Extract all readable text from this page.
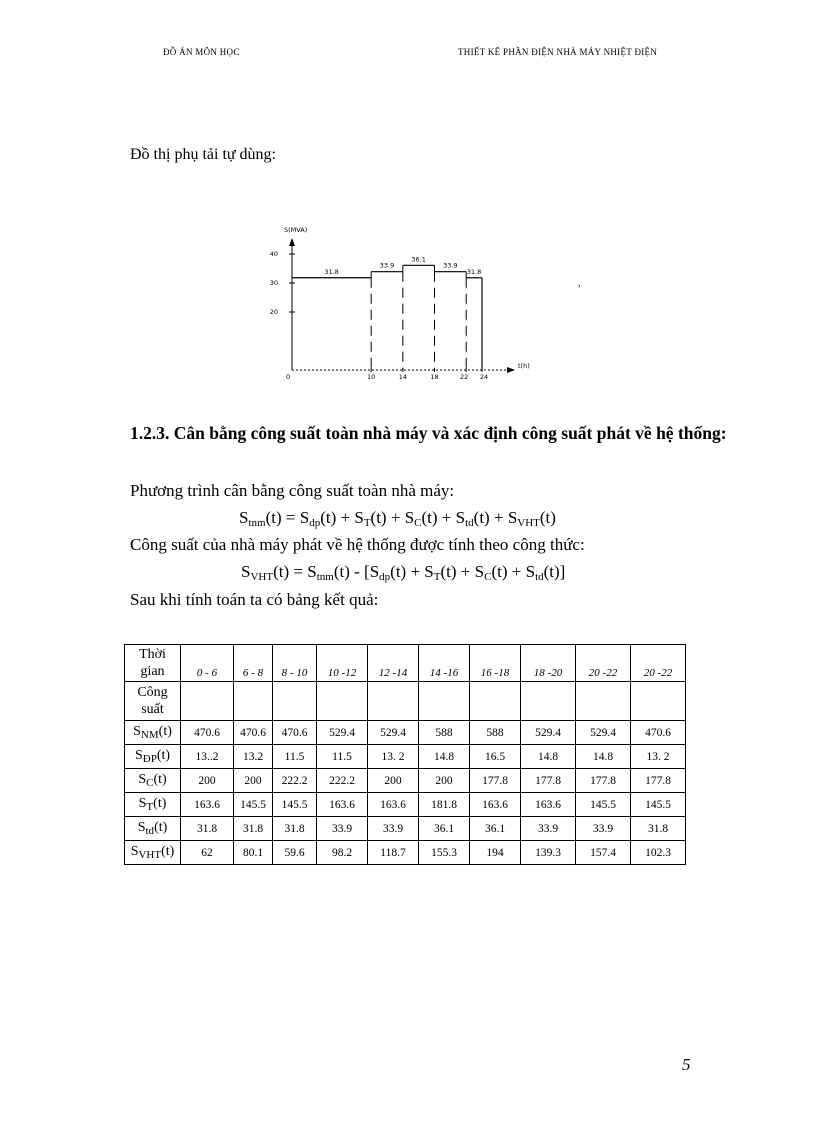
ĐỒ ÁN MÔN HỌC	THIẾT KẾ PHẦN ĐIỆN NHÀ MÁY NHIỆT ĐIỆN
Đồ thị phụ tải tự dùng:
S(MVA)
t(h)
0
20
30
40
10	14	18	22 24
31.8
33.9
36.1
33.9
31.8
,
1.2.3. Cân bằng công suất toàn nhà máy và xác định công suất phát về hệ thống:
Phương trình cân bằng công suất toàn nhà máy:
$S_{tnm}(t) = S_{dp}(t) + S_T(t) + S_C(t) + S_{td}(t) + S_{VHT}(t)$
Công suất của nhà máy phát về hệ thống được tính theo công thức:
$S_{VHT}(t) = S_{tnm}(t) - [S_{dp}(t) + S_T(t) + S_C(t) + S_{td}(t)]$
Sau khi tính toán ta có bảng kết quả:
Thời
gian	0 - 6	6 - 8	8 - 10	10 -12	12 -14	14 -16	16 -18	18 -20	20 -22	20 -22
Công
suất										
$S_{NM}(t)$	470.6	470.6	470.6	529.4	529.4	588	588	529.4	529.4	470.6
$S_{ĐP}(t)$	13..2	13.2	11.5	11.5	13. 2	14.8	16.5	14.8	14.8	13. 2
$S_C(t)$	200	200	222.2	222.2	200	200	177.8	177.8	177.8	177.8
$S_T(t)$	163.6	145.5	145.5	163.6	163.6	181.8	163.6	163.6	145.5	145.5
$S_{td}(t)$	31.8	31.8	31.8	33.9	33.9	36.1	36.1	33.9	33.9	31.8
$S_{VHT}(t)$	62	80.1	59.6	98.2	118.7	155.3	194	139.3	157.4	102.3
5
